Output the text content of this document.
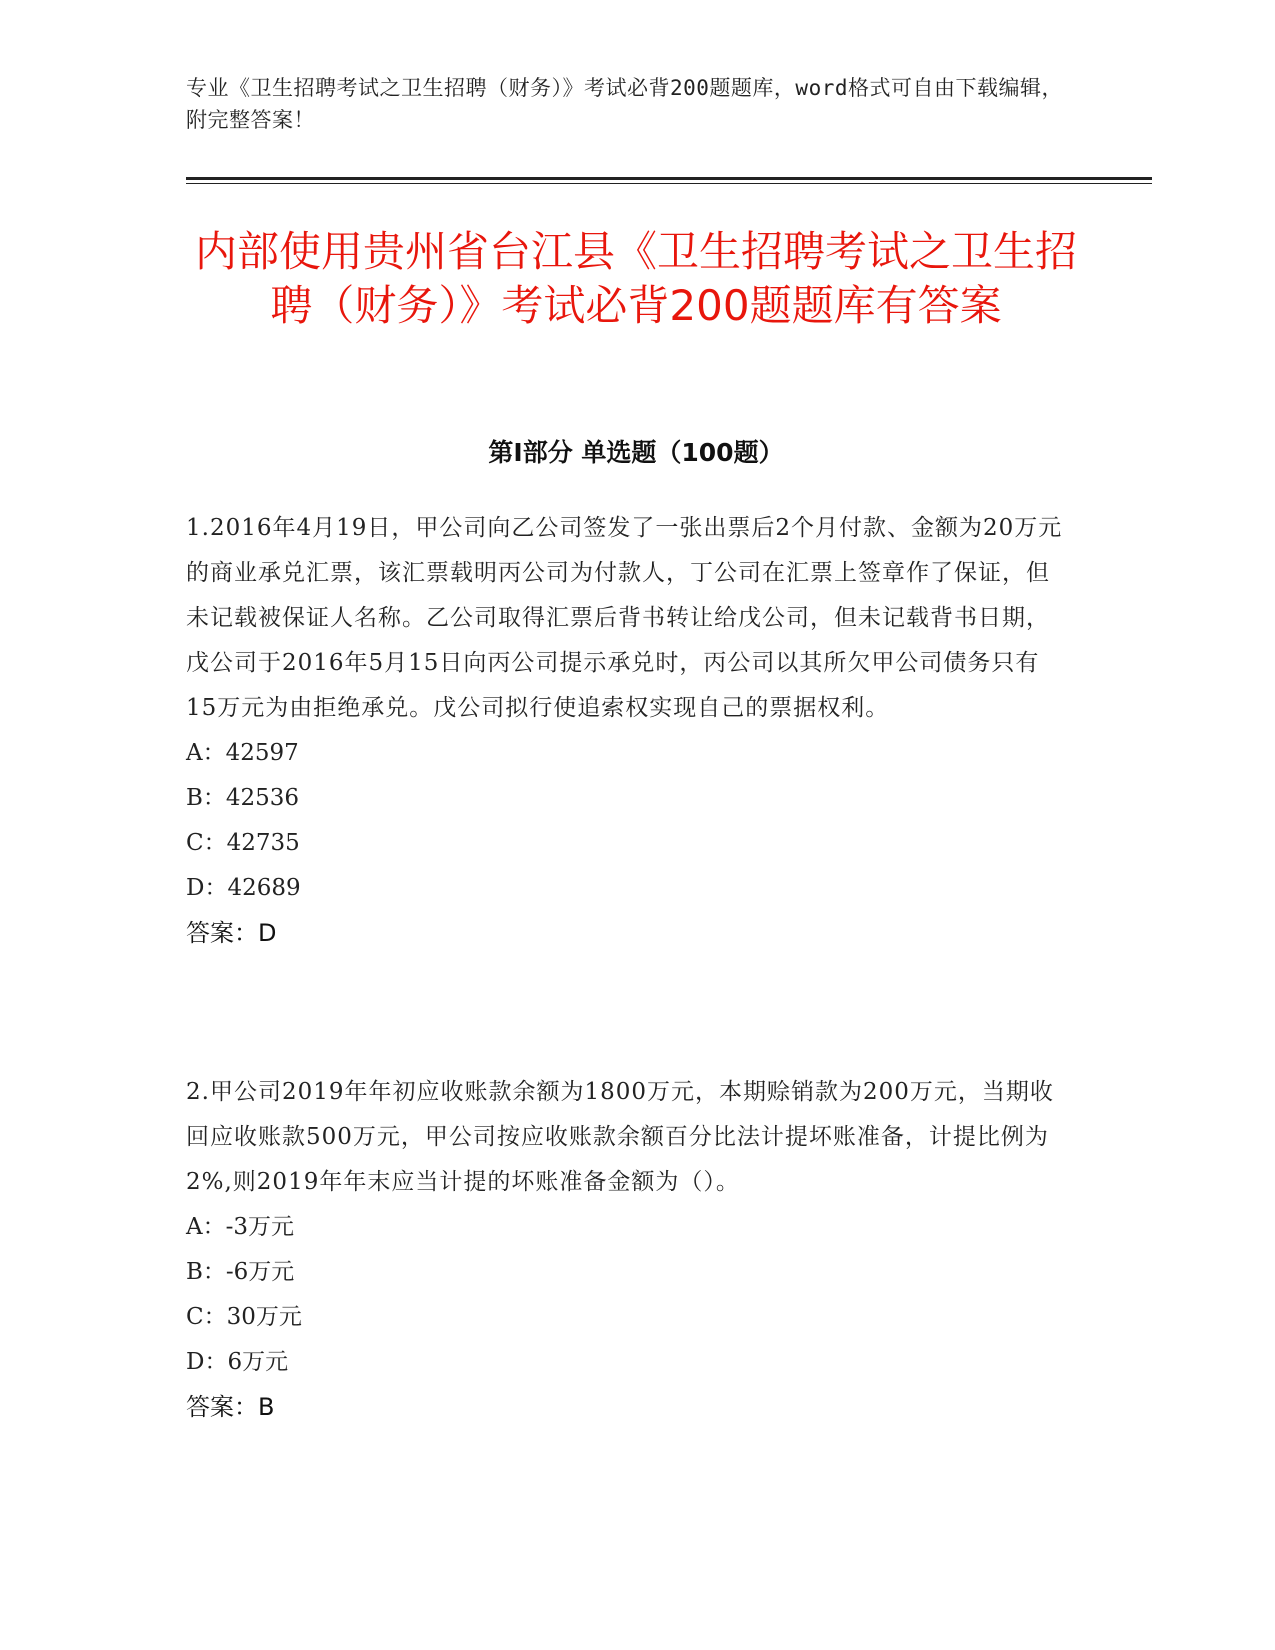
专业《卫生招聘考试之卫生招聘（财务）》考试必背200题题库，word格式可自由下载编辑，附完整答案！
内部使用贵州省台江县《卫生招聘考试之卫生招聘（财务）》考试必背200题题库有答案
第I部分 单选题（100题）

1.2016年4月19日，甲公司向乙公司签发了一张出票后2个月付款、金额为20万元的商业承兑汇票，该汇票载明丙公司为付款人，丁公司在汇票上签章作了保证，但未记载被保证人名称。乙公司取得汇票后背书转让给戊公司，但未记载背书日期，戊公司于2016年5月15日向丙公司提示承兑时，丙公司以其所欠甲公司债务只有15万元为由拒绝承兑。戊公司拟行使追索权实现自己的票据权利。

A：42597

B：42536

C：42735

D：42689

答案：D

2.甲公司2019年年初应收账款余额为1800万元，本期赊销款为200万元，当期收回应收账款500万元，甲公司按应收账款余额百分比法计提坏账准备，计提比例为2%,则2019年年末应当计提的坏账准备金额为（）。

A：-3万元

B：-6万元

C：30万元

D：6万元

答案：B
